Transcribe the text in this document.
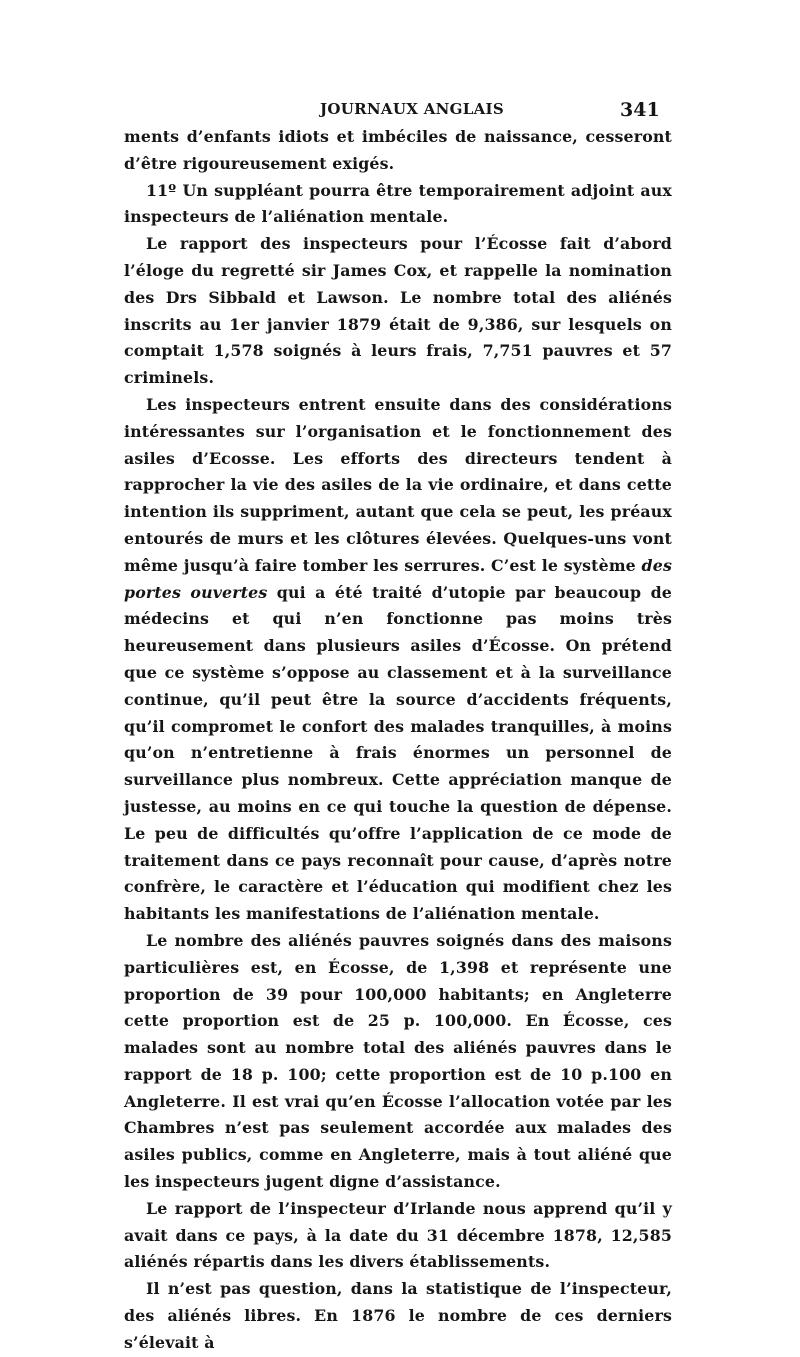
JOURNAUX ANGLAIS	341

ments d’enfants idiots et imbéciles de naissance, cesseront d’être rigoureusement exigés.

11º Un suppléant pourra être temporairement adjoint aux inspecteurs de l’aliénation mentale.

Le rapport des inspecteurs pour l’Écosse fait d’abord l’éloge du regretté sir James Cox, et rappelle la nomination des Drs Sibbald et Lawson. Le nombre total des aliénés inscrits au 1er janvier 1879 était de 9,386, sur lesquels on comptait 1,578 soignés à leurs frais, 7,751 pauvres et 57 criminels.

Les inspecteurs entrent ensuite dans des considérations intéressantes sur l’organisation et le fonctionnement des asiles d’Ecosse. Les efforts des directeurs tendent à rapprocher la vie des asiles de la vie ordinaire, et dans cette intention ils suppriment, autant que cela se peut, les préaux entourés de murs et les clôtures élevées. Quelques-uns vont même jusqu’à faire tomber les serrures. C’est le système des portes ouvertes qui a été traité d’utopie par beaucoup de médecins et qui n’en fonctionne pas moins très heureusement dans plusieurs asiles d’Écosse. On prétend que ce système s’oppose au classement et à la surveillance continue, qu’il peut être la source d’accidents fréquents, qu’il compromet le confort des malades tranquilles, à moins qu’on n’entretienne à frais énormes un personnel de surveillance plus nombreux. Cette appréciation manque de justesse, au moins en ce qui touche la question de dépense. Le peu de difficultés qu’offre l’application de ce mode de traitement dans ce pays reconnaît pour cause, d’après notre confrère, le caractère et l’éducation qui modifient chez les habitants les manifestations de l’aliénation mentale.

Le nombre des aliénés pauvres soignés dans des maisons particulières est, en Écosse, de 1,398 et représente une proportion de 39 pour 100,000 habitants; en Angleterre cette proportion est de 25 p. 100,000. En Écosse, ces malades sont au nombre total des aliénés pauvres dans le rapport de 18 p. 100; cette proportion est de 10 p.100 en Angleterre. Il est vrai qu’en Écosse l’allocation votée par les Chambres n’est pas seulement accordée aux malades des asiles publics, comme en Angleterre, mais à tout aliéné que les inspecteurs jugent digne d’assistance.

Le rapport de l’inspecteur d’Irlande nous apprend qu’il y avait dans ce pays, à la date du 31 décembre 1878, 12,585 aliénés répartis dans les divers établissements.

Il n’est pas question, dans la statistique de l’inspecteur, des aliénés libres. En 1876 le nombre de ces derniers s’élevait à
